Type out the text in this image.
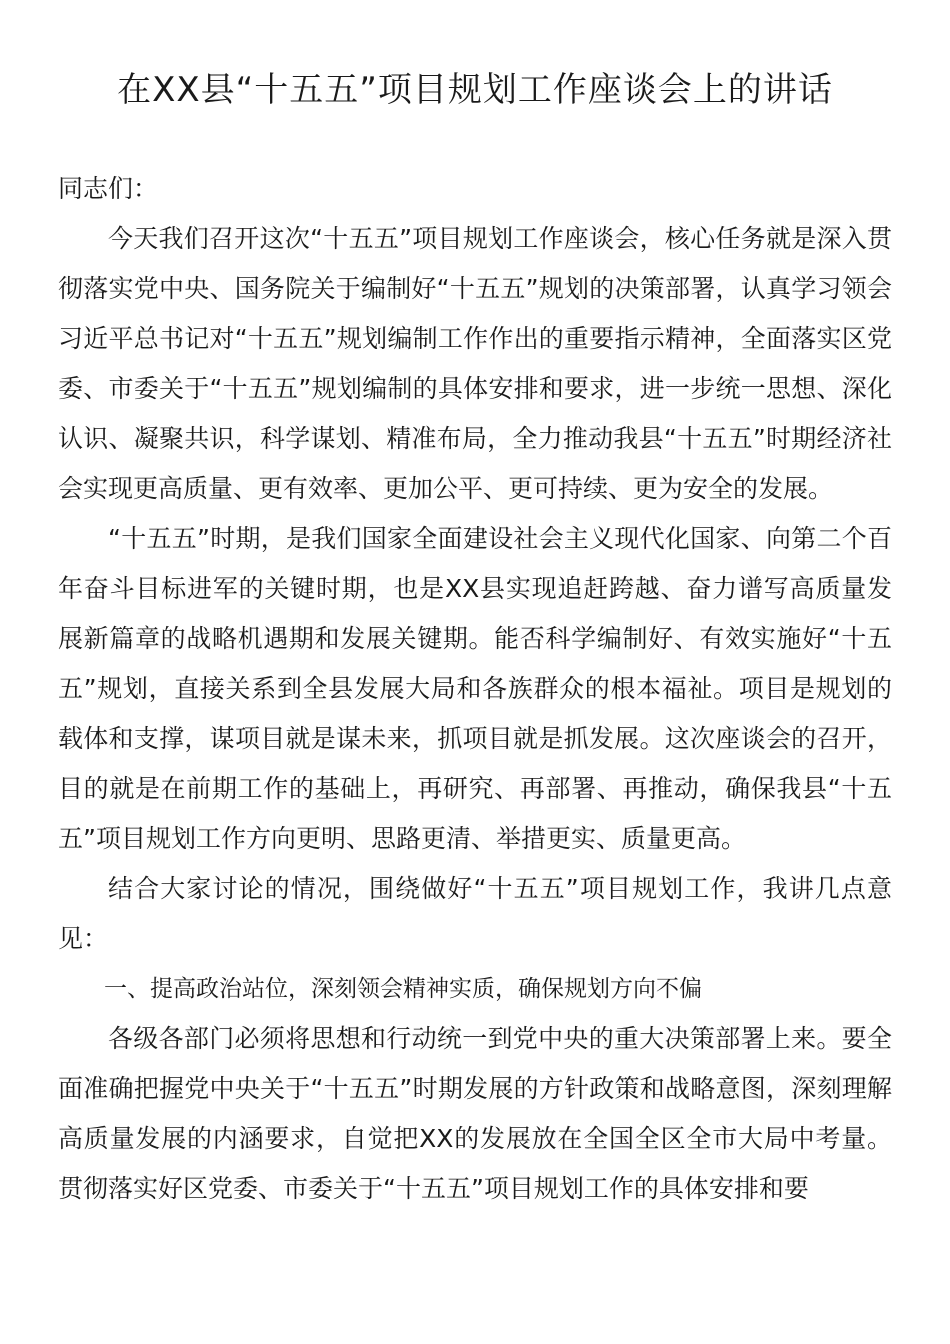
在XX县“十五五”项目规划工作座谈会上的讲话

同志们：

今天我们召开这次“十五五”项目规划工作座谈会，核心任务就是深入贯彻落实党中央、国务院关于编制好“十五五”规划的决策部署，认真学习领会习近平总书记对“十五五”规划编制工作作出的重要指示精神，全面落实区党委、市委关于“十五五”规划编制的具体安排和要求，进一步统一思想、深化认识、凝聚共识，科学谋划、精准布局，全力推动我县“十五五”时期经济社会实现更高质量、更有效率、更加公平、更可持续、更为安全的发展。

“十五五”时期，是我们国家全面建设社会主义现代化国家、向第二个百年奋斗目标进军的关键时期，也是XX县实现追赶跨越、奋力谱写高质量发展新篇章的战略机遇期和发展关键期。能否科学编制好、有效实施好“十五五”规划，直接关系到全县发展大局和各族群众的根本福祉。项目是规划的载体和支撑，谋项目就是谋未来，抓项目就是抓发展。这次座谈会的召开，目的就是在前期工作的基础上，再研究、再部署、再推动，确保我县“十五五”项目规划工作方向更明、思路更清、举措更实、质量更高。

结合大家讨论的情况，围绕做好“十五五”项目规划工作，我讲几点意见：

一、提高政治站位，深刻领会精神实质，确保规划方向不偏

各级各部门必须将思想和行动统一到党中央的重大决策部署上来。要全面准确把握党中央关于“十五五”时期发展的方针政策和战略意图，深刻理解高质量发展的内涵要求，自觉把XX的发展放在全国全区全市大局中考量。贯彻落实好区党委、市委关于“十五五”项目规划工作的具体安排和要
